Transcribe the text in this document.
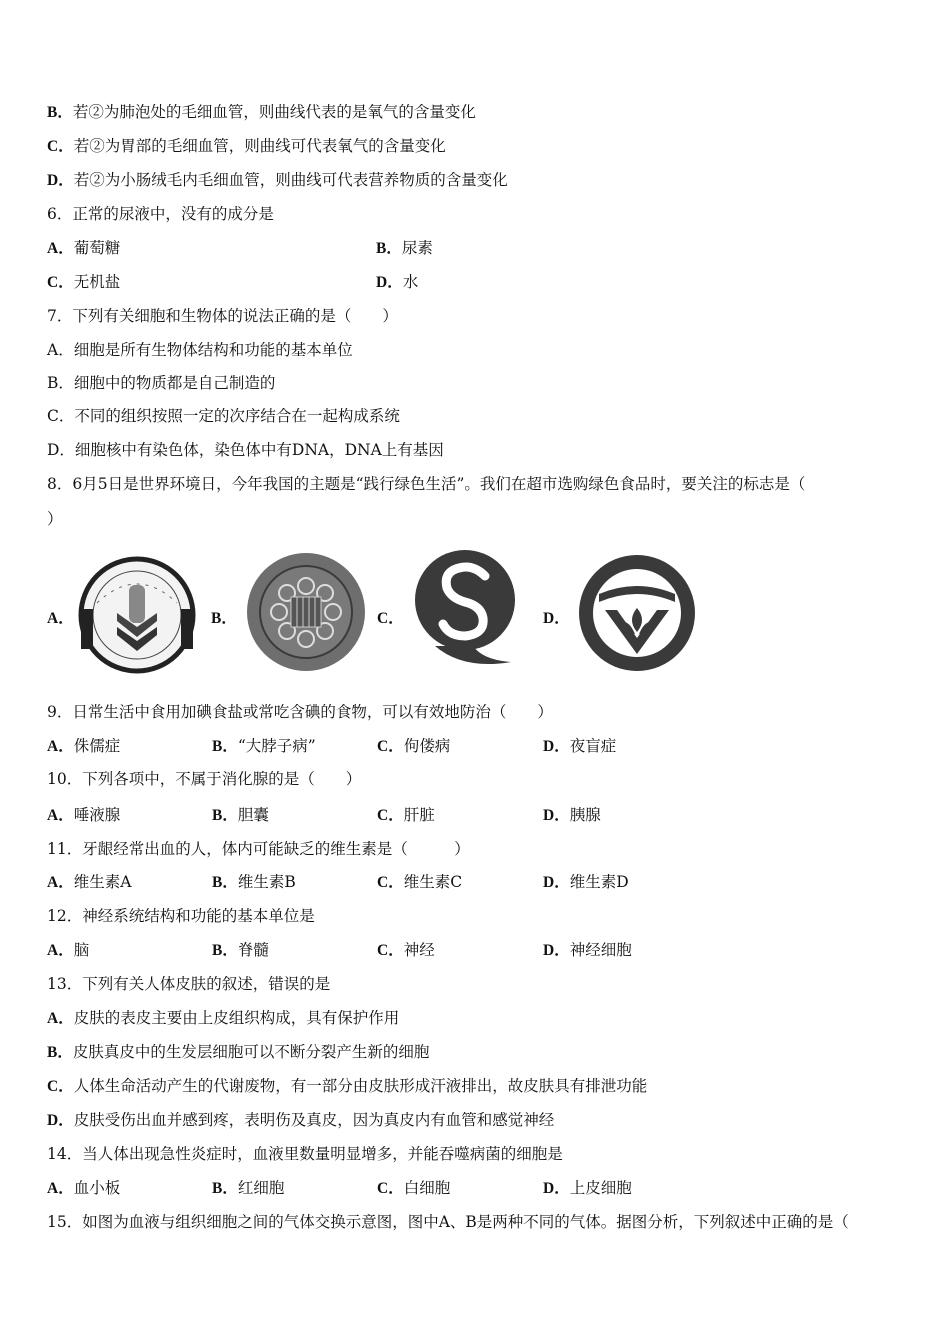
B．若②为肺泡处的毛细血管，则曲线代表的是氧气的含量变化
C．若②为胃部的毛细血管，则曲线可代表氧气的含量变化
D．若②为小肠绒毛内毛细血管，则曲线可代表营养物质的含量变化
6．正常的尿液中，没有的成分是
A．葡萄糖	B．尿素
C．无机盐	D．水
7．下列有关细胞和生物体的说法正确的是（　　）
A．细胞是所有生物体结构和功能的基本单位
B．细胞中的物质都是自己制造的
C．不同的组织按照一定的次序结合在一起构成系统
D．细胞核中有染色体，染色体中有DNA，DNA上有基因
8．6月5日是世界环境日，今年我国的主题是“践行绿色生活”。我们在超市选购绿色食品时，要关注的标志是（
）
A．	B．	C．	D．
9．日常生活中食用加碘食盐或常吃含碘的食物，可以有效地防治（　　）
A．侏儒症	B．“大脖子病”	C．佝偻病	D．夜盲症
10．下列各项中，不属于消化腺的是（　　）
A．唾液腺	B．胆囊	C．肝脏	D．胰腺
11．牙龈经常出血的人，体内可能缺乏的维生素是（　　　）
A．维生素A	B．维生素B	C．维生素C	D．维生素D
12．神经系统结构和功能的基本单位是
A．脑	B．脊髓	C．神经	D．神经细胞
13．下列有关人体皮肤的叙述，错误的是
A．皮肤的表皮主要由上皮组织构成，具有保护作用
B．皮肤真皮中的生发层细胞可以不断分裂产生新的细胞
C．人体生命活动产生的代谢废物，有一部分由皮肤形成汗液排出，故皮肤具有排泄功能
D．皮肤受伤出血并感到疼，表明伤及真皮，因为真皮内有血管和感觉神经
14．当人体出现急性炎症时，血液里数量明显增多，并能吞噬病菌的细胞是
A．血小板	B．红细胞	C．白细胞	D．上皮细胞
15．如图为血液与组织细胞之间的气体交换示意图，图中A、B是两种不同的气体。据图分析，下列叙述中正确的是（
